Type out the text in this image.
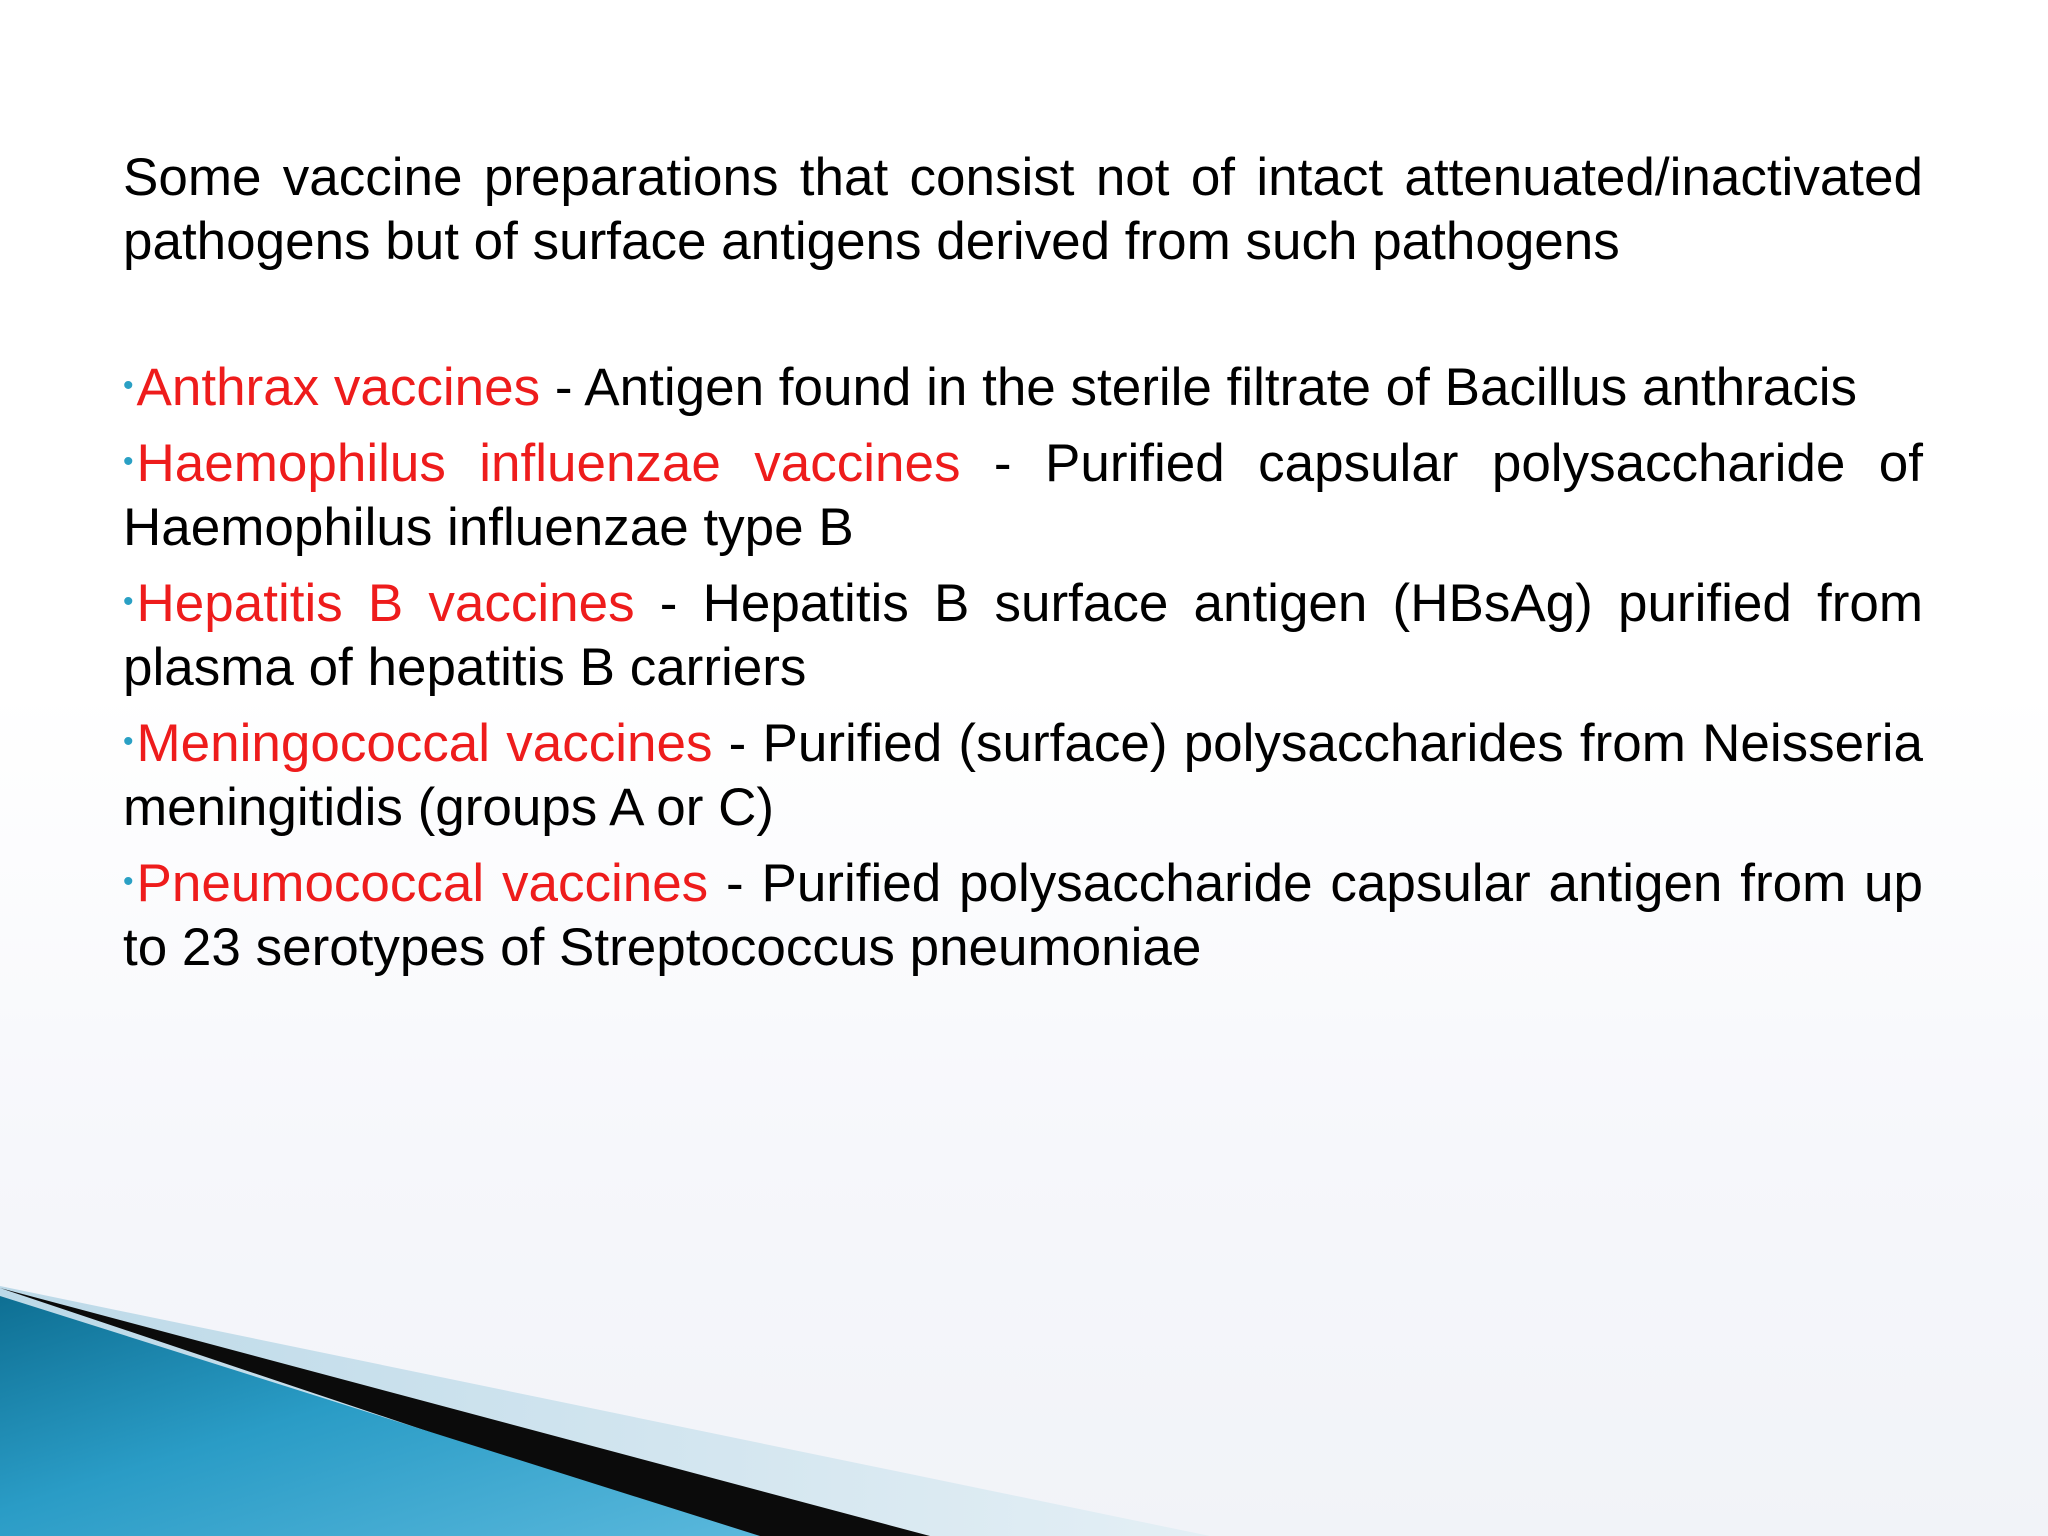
Some vaccine preparations that consist not of intact attenuated/inactivated pathogens but of surface antigens derived from such pathogens

•Anthrax vaccines - Antigen found in the sterile filtrate of Bacillus anthracis
•Haemophilus influenzae vaccines - Purified capsular polysaccharide of Haemophilus influenzae type B
•Hepatitis B vaccines - Hepatitis B surface antigen (HBsAg) purified from plasma of hepatitis B carriers
•Meningococcal vaccines - Purified (surface) polysaccharides from Neisseria meningitidis (groups A or C)
•Pneumococcal vaccines - Purified polysaccharide capsular antigen from up to 23 serotypes of Streptococcus pneumoniae
